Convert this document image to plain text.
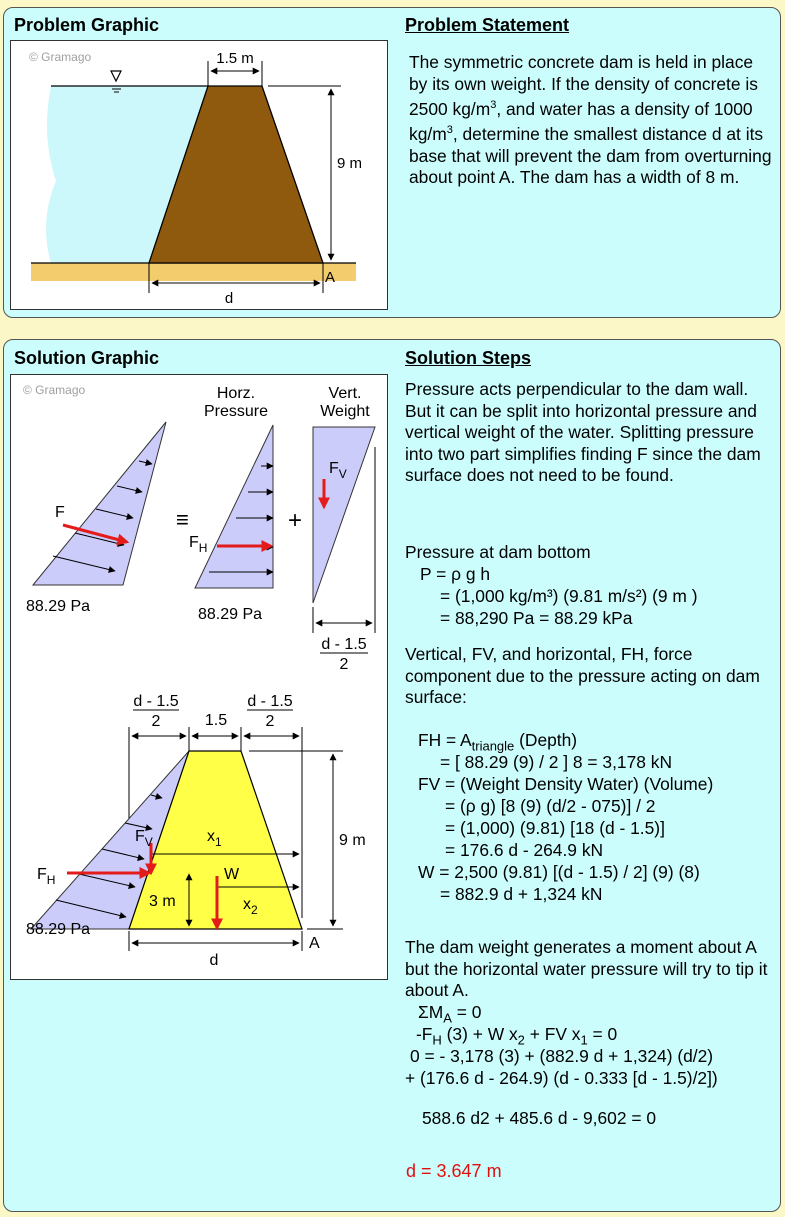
Problem Graphic	Problem Statement
1.5 m
9 m
A
d
© Gramago	The symmetric concrete dam is held in place by its own weight. If the density of concrete is 2500 $kg/m^3$, and water has a density of 1000 $kg/m^3$, determine the smallest distance d at its base that will prevent the dam from overturning about point A. The dam has a width of 8 m.
Solution Graphic	Solution Steps
© Gramago
F
88.29 Pa
≡
Horz.
Pressure
$F_H$
88.29 Pa
+
Vert.
Weight
$F_V$
d - 1.5
2
d - 1.5
2
d - 1.5
2
1.5
9 m
$x_1$
$x_2$
3 m
W
$F_V$
$F_H$
88.29 Pa
A
d
Pressure acts perpendicular to the dam wall. But it can be split into horizontal pressure and vertical weight of the water. Splitting pressure into two part simplifies finding F since the dam surface does not need to be found.
Pressure at dam bottom
P = ρ g h
= (1,000 kg/m³) (9.81 m/s²) (9 m )
= 88,290 Pa = 88.29 kPa
Vertical, FV, and horizontal, FH, force component due to the pressure acting on dam surface:
FH = $A_{triangle}$ (Depth)
= [ 88.29 (9) / 2 ] 8 = 3,178 kN
FV = (Weight Density Water) (Volume)
= (ρ g) [8 (9) (d/2 - 075)] / 2
= (1,000) (9.81) [18 (d - 1.5)]
= 176.6 d - 264.9 kN
W = 2,500 (9.81) [(d - 1.5) / 2] (9) (8)
= 882.9 d + 1,324 kN
The dam weight generates a moment about A but the horizontal water pressure will try to tip it about A.
$\Sigma M_A = 0$
$-F_H$ (3) + W $x_2$ + FV $x_1 = 0$
0 = - 3,178 (3) + (882.9 d + 1,324) (d/2)
+ (176.6 d - 264.9) (d - 0.333 [d - 1.5)/2])
588.6 d2 + 485.6 d - 9,602 = 0
d = 3.647 m
